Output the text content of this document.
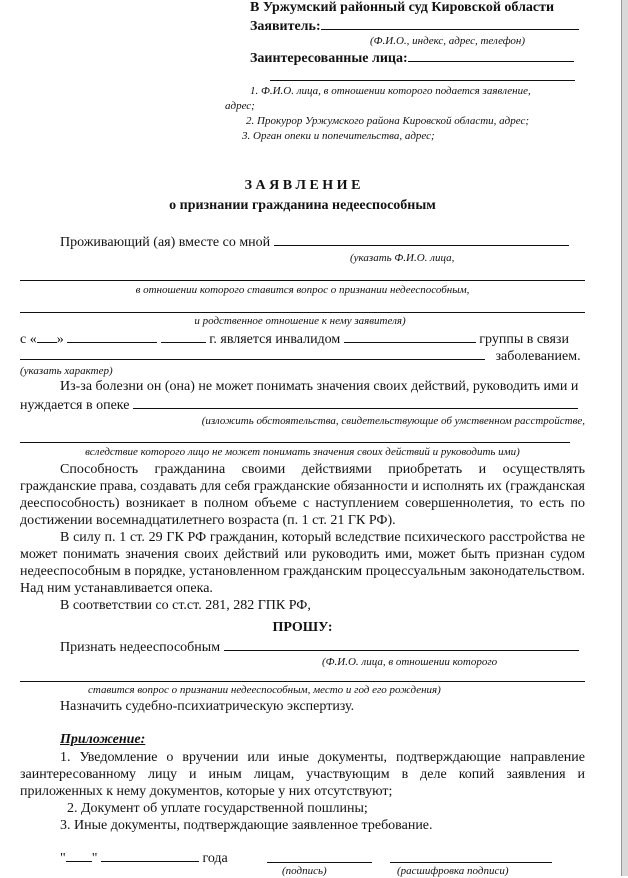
В Уржумский районный суд Кировской области
Заявитель:
(Ф.И.О., индекс, адрес, телефон)
Заинтересованные лица:
1. Ф.И.О. лица, в отношении которого подается заявление,
адрес;
2. Прокурор Уржумского района Кировской области, адрес;
3. Орган опеки и попечительства, адрес;
З А Я В Л Е Н И Е
о признании гражданина недееспособным
Проживающий (ая) вместе со мной
(указать Ф.И.О. лица,
в отношении которого ставится вопрос о признании недееспособным,
и родственное отношение к нему заявителя)
с « »	г. является инвалидом	группы в связи
заболеванием.
(указать характер)
Из-за болезни он (она) не может понимать значения своих действий, руководить ими и
нуждается в опеке
(изложить обстоятельства, свидетельствующие об умственном расстройстве,
вследствие которого лицо не может понимать значения своих действий и руководить ими)

Способность гражданина своими действиями приобретать и осуществлять гражданские права, создавать для себя гражданские обязанности и исполнять их (гражданская дееспособность) возникает в полном объеме с наступлением совершеннолетия, то есть по достижении восемнадцатилетнего возраста (п. 1 ст. 21 ГК РФ).

В силу п. 1 ст. 29 ГК РФ гражданин, который вследствие психического расстройства не может понимать значения своих действий или руководить ими, может быть признан судом недееспособным в порядке, установленном гражданским процессуальным законодательством. Над ним устанавливается опека.

В соответствии со ст.ст. 281, 282 ГПК РФ,

ПРОШУ:
Признать недееспособным
(Ф.И.О. лица, в отношении которого
ставится вопрос о признании недееспособным, место и год его рождения)
Назначить судебно-психиатрическую экспертизу.
Приложение:

1. Уведомление о вручении или иные документы, подтверждающие направление заинтересованному лицу и иным лицам, участвующим в деле копий заявления и приложенных к нему документов, которые у них отсутствуют;

2. Документ об уплате государственной пошлины;

3. Иные документы, подтверждающие заявленное требование.

" "	года
(подпись)	(расшифровка подписи)
